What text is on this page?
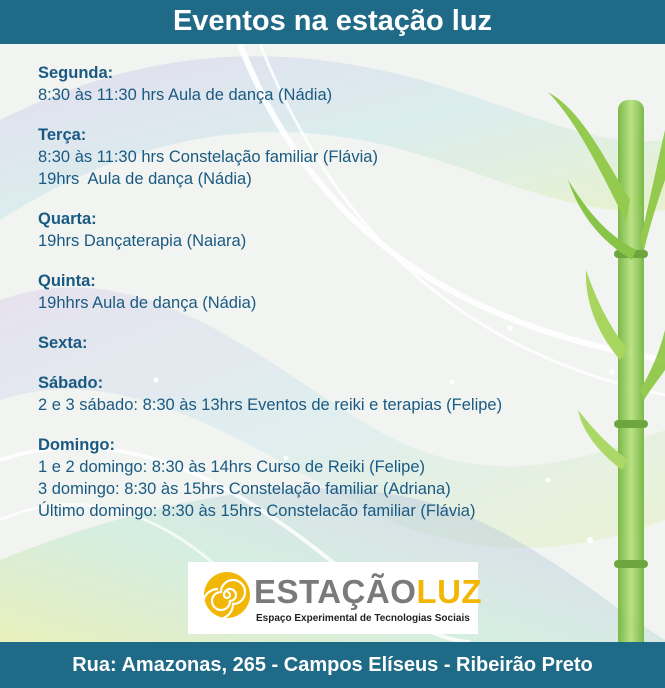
Eventos na estação luz
Segunda:
8:30 às 11:30 hrs Aula de dança (Nádia)
Terça:
8:30 às 11:30 hrs Constelação familiar (Flávia)
19hrs  Aula de dança (Nádia)
Quarta:
19hrs Dançaterapia (Naiara)
Quinta:
19hhrs Aula de dança (Nádia)
Sexta:
Sábado:
2 e 3 sábado: 8:30 às 13hrs Eventos de reiki e terapias (Felipe)
Domingo:
1 e 2 domingo: 8:30 às 14hrs Curso de Reiki (Felipe)
3 domingo: 8:30 às 15hrs Constelação familiar (Adriana)
Último domingo: 8:30 às 15hrs Constelacão familiar (Flávia)
ESTAÇÃOLUZ
Espaço Experimental de Tecnologias Sociais
Rua: Amazonas, 265 - Campos Elíseus - Ribeirão Preto
